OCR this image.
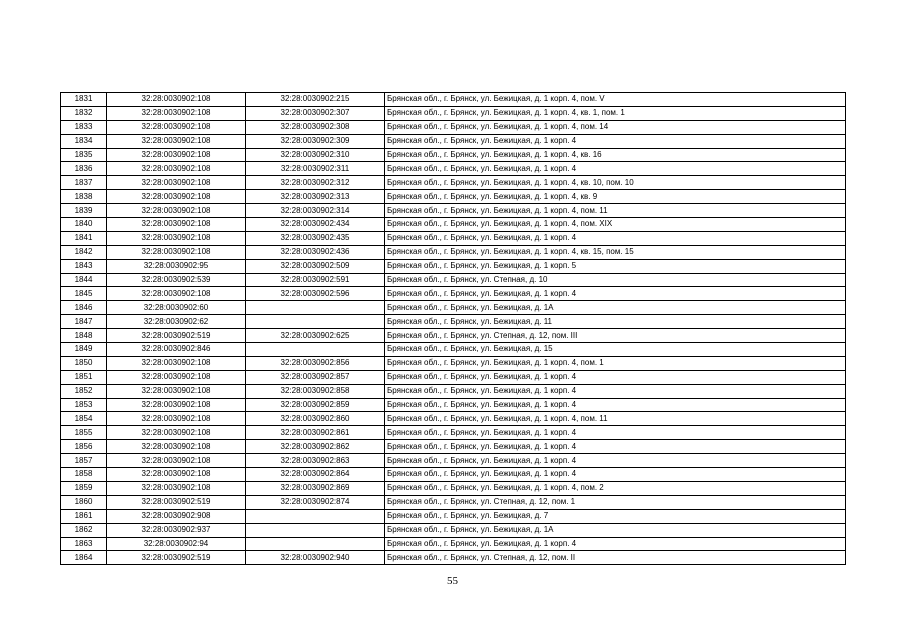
1831	32:28:0030902:108	32:28:0030902:215	Брянская обл., г. Брянск, ул. Бежицкая, д. 1 корп. 4, пом. V
1832	32:28:0030902:108	32:28:0030902:307	Брянская обл., г. Брянск, ул. Бежицкая, д. 1 корп. 4, кв. 1, пом. 1
1833	32:28:0030902:108	32:28:0030902:308	Брянская обл., г. Брянск, ул. Бежицкая, д. 1 корп. 4, пом. 14
1834	32:28:0030902:108	32:28:0030902:309	Брянская обл., г. Брянск, ул. Бежицкая, д. 1 корп. 4
1835	32:28:0030902:108	32:28:0030902:310	Брянская обл., г. Брянск, ул. Бежицкая, д. 1 корп. 4, кв. 16
1836	32:28:0030902:108	32:28:0030902:311	Брянская обл., г. Брянск, ул. Бежицкая, д. 1 корп. 4
1837	32:28:0030902:108	32:28:0030902:312	Брянская обл., г. Брянск, ул. Бежицкая, д. 1 корп. 4, кв. 10, пом. 10
1838	32:28:0030902:108	32:28:0030902:313	Брянская обл., г. Брянск, ул. Бежицкая, д. 1 корп. 4, кв. 9
1839	32:28:0030902:108	32:28:0030902:314	Брянская обл., г. Брянск, ул. Бежицкая, д. 1 корп. 4, пом. 11
1840	32:28:0030902:108	32:28:0030902:434	Брянская обл., г. Брянск, ул. Бежицкая, д. 1 корп. 4, пом. XIX
1841	32:28:0030902:108	32:28:0030902:435	Брянская обл., г. Брянск, ул. Бежицкая, д. 1 корп. 4
1842	32:28:0030902:108	32:28:0030902:436	Брянская обл., г. Брянск, ул. Бежицкая, д. 1 корп. 4, кв. 15, пом. 15
1843	32:28:0030902:95	32:28:0030902:509	Брянская обл., г. Брянск, ул. Бежицкая, д. 1 корп. 5
1844	32:28:0030902:539	32:28:0030902:591	Брянская обл., г. Брянск, ул. Степная, д. 10
1845	32:28:0030902:108	32:28:0030902:596	Брянская обл., г. Брянск, ул. Бежицкая, д. 1 корп. 4
1846	32:28:0030902:60		Брянская обл., г. Брянск, ул. Бежицкая, д. 1А
1847	32:28:0030902:62		Брянская обл., г. Брянск, ул. Бежицкая, д. 11
1848	32:28:0030902:519	32:28:0030902:625	Брянская обл., г. Брянск, ул. Степная, д. 12, пом. III
1849	32:28:0030902:846		Брянская обл., г. Брянск, ул. Бежицкая, д. 15
1850	32:28:0030902:108	32:28:0030902:856	Брянская обл., г. Брянск, ул. Бежицкая, д. 1 корп. 4, пом. 1
1851	32:28:0030902:108	32:28:0030902:857	Брянская обл., г. Брянск, ул. Бежицкая, д. 1 корп. 4
1852	32:28:0030902:108	32:28:0030902:858	Брянская обл., г. Брянск, ул. Бежицкая, д. 1 корп. 4
1853	32:28:0030902:108	32:28:0030902:859	Брянская обл., г. Брянск, ул. Бежицкая, д. 1 корп. 4
1854	32:28:0030902:108	32:28:0030902:860	Брянская обл., г. Брянск, ул. Бежицкая, д. 1 корп. 4, пом. 11
1855	32:28:0030902:108	32:28:0030902:861	Брянская обл., г. Брянск, ул. Бежицкая, д. 1 корп. 4
1856	32:28:0030902:108	32:28:0030902:862	Брянская обл., г. Брянск, ул. Бежицкая, д. 1 корп. 4
1857	32:28:0030902:108	32:28:0030902:863	Брянская обл., г. Брянск, ул. Бежицкая, д. 1 корп. 4
1858	32:28:0030902:108	32:28:0030902:864	Брянская обл., г. Брянск, ул. Бежицкая, д. 1 корп. 4
1859	32:28:0030902:108	32:28:0030902:869	Брянская обл., г. Брянск, ул. Бежицкая, д. 1 корп. 4, пом. 2
1860	32:28:0030902:519	32:28:0030902:874	Брянская обл., г. Брянск, ул. Степная, д. 12, пом. 1
1861	32:28:0030902:908		Брянская обл., г. Брянск, ул. Бежицкая, д. 7
1862	32:28:0030902:937		Брянская обл., г. Брянск, ул. Бежицкая, д. 1А
1863	32:28:0030902:94		Брянская обл., г. Брянск, ул. Бежицкая, д. 1 корп. 4
1864	32:28:0030902:519	32:28:0030902:940	Брянская обл., г. Брянск, ул. Степная, д. 12, пом. II
55
